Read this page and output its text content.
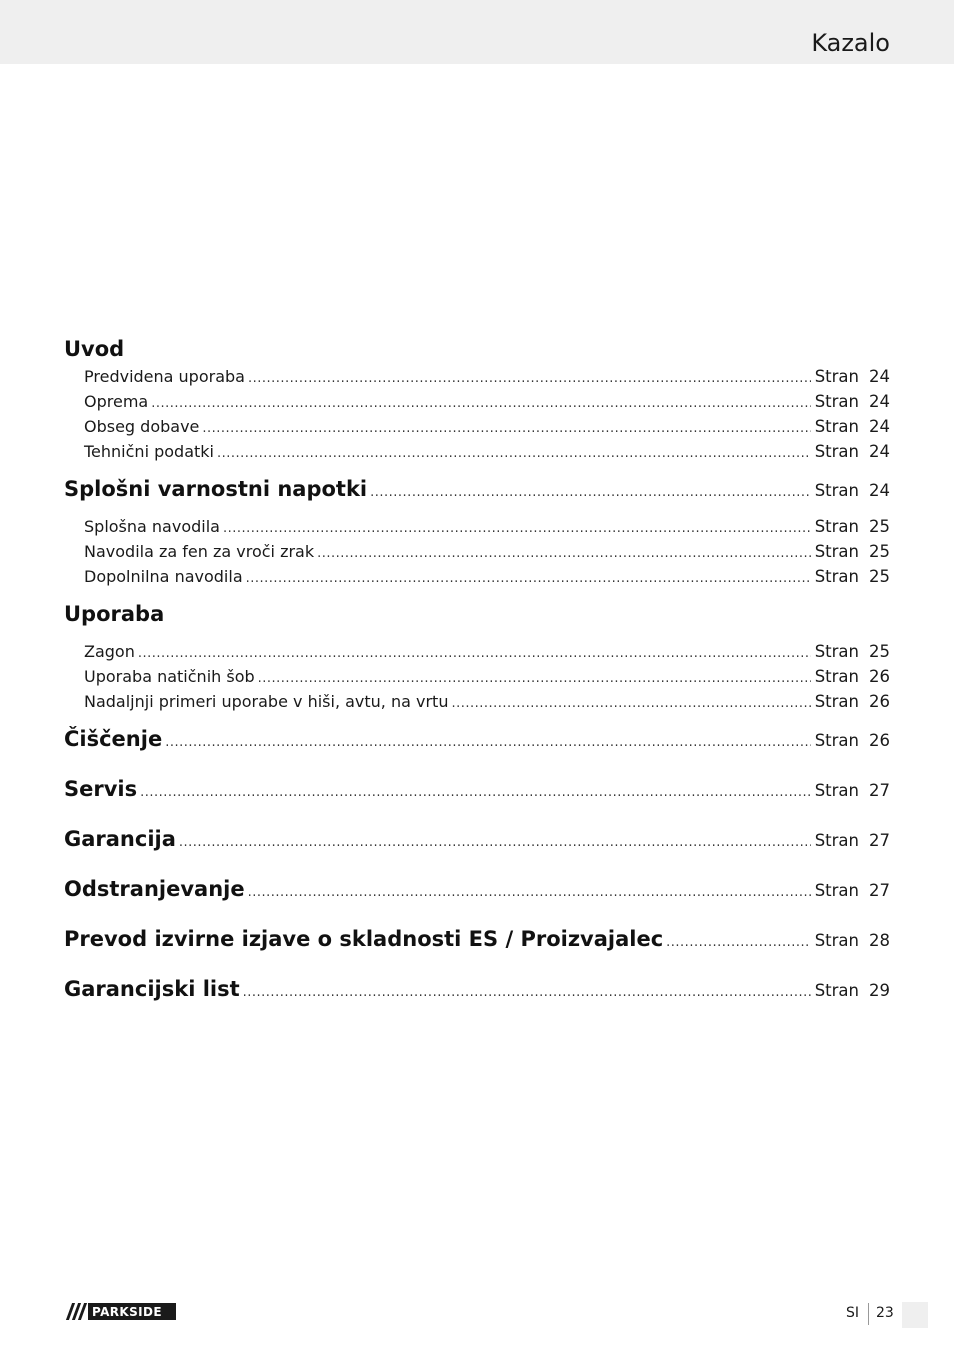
Kazalo
Uvod
Predvidena uporaba .....	Stran 24
Oprema .....	Stran 24
Obseg dobave .....	Stran 24
Tehnični podatki .....	Stran 24
Splošni varnostni napotki .....	Stran 24
Splošna navodila .....	Stran 25
Navodila za fen za vroči zrak .....	Stran 25
Dopolnilna navodila .....	Stran 25
Uporaba
Zagon .....	Stran 25
Uporaba natičnih šob .....	Stran 26
Nadaljnji primeri uporabe v hiši, avtu, na vrtu .....	Stran 26
Čiščenje .....	Stran 26
Servis .....	Stran 27
Garancija .....	Stran 27
Odstranjevanje .....	Stran 27
Prevod izvirne izjave o skladnosti ES / Proizvajalec .....	Stran 28
Garancijski list .....	Stran 29
PARKSIDE	SI 23
